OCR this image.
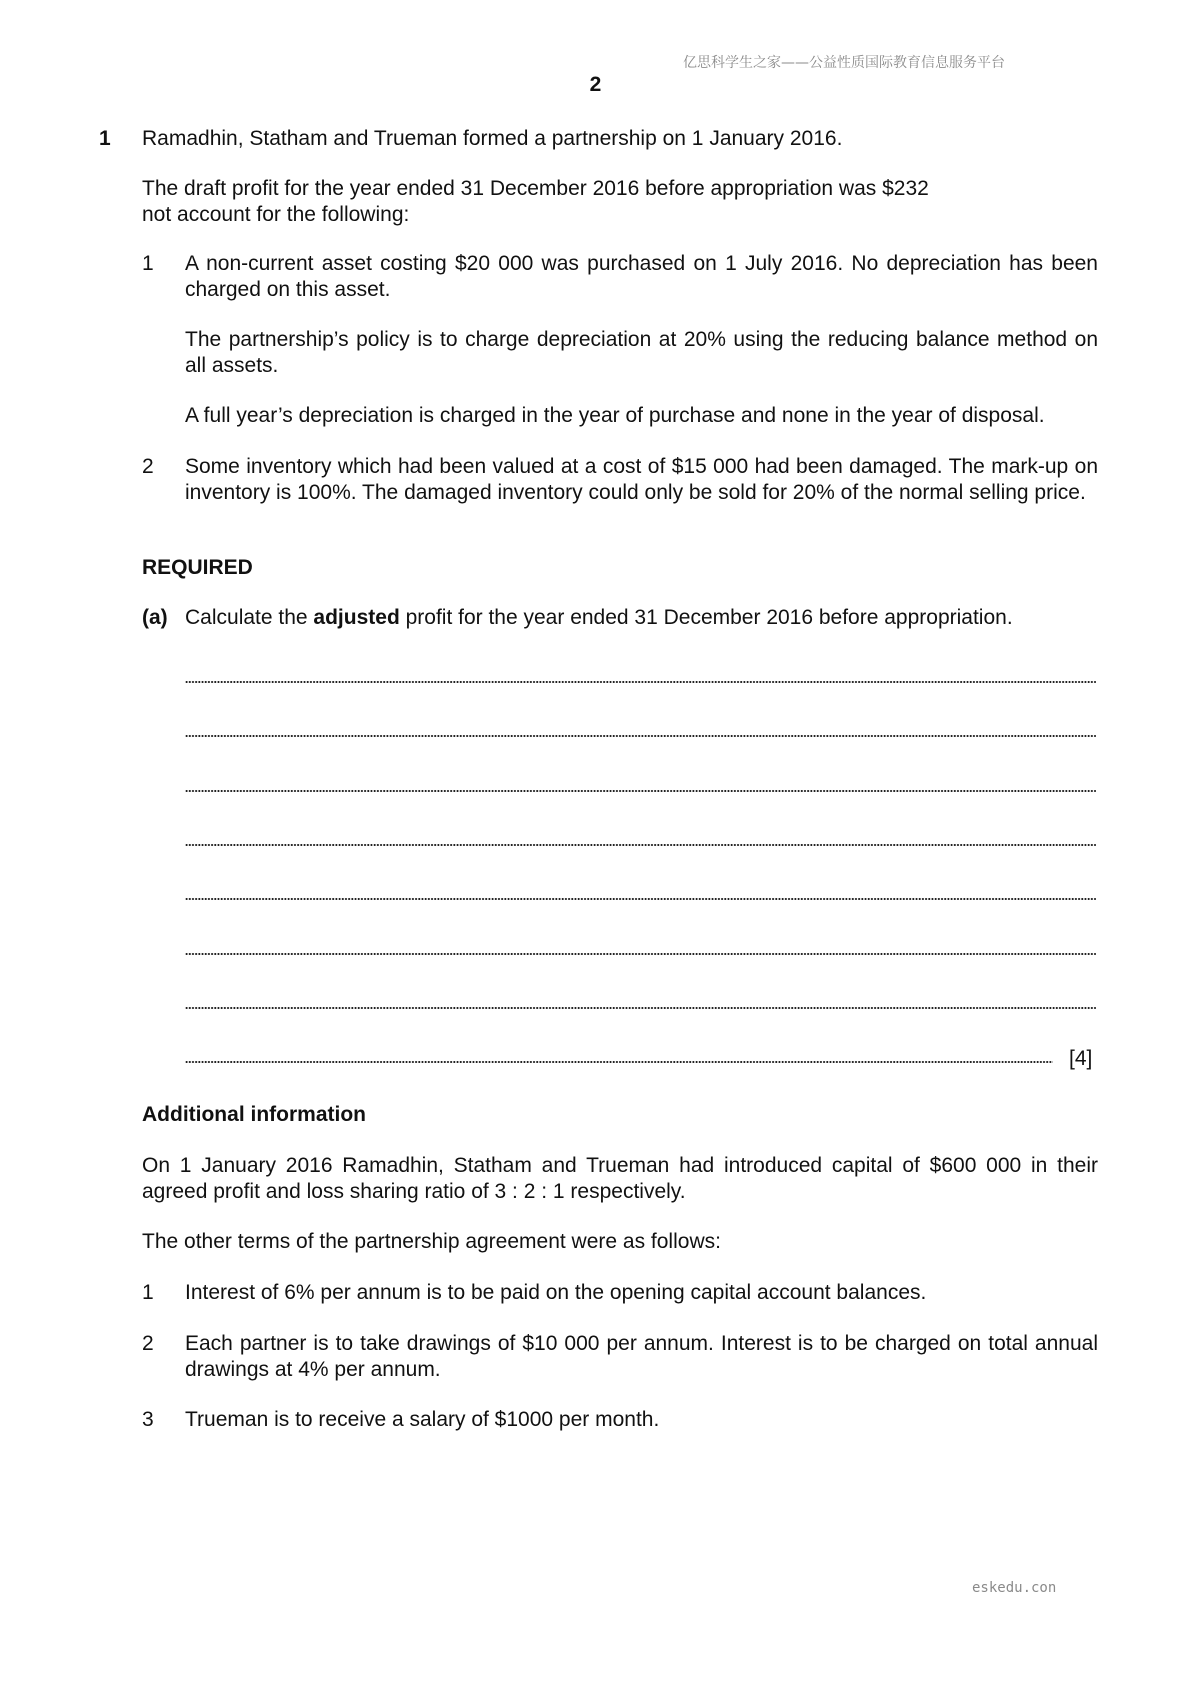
亿思科学生之家——公益性质国际教育信息服务平台
2
1 Ramadhin, Statham and Trueman formed a partnership on 1 January 2016.
The draft profit for the year ended 31 December 2016 before appropriation was $232
not account for the following:
1 A non-current asset costing $20 000 was purchased on 1 July 2016. No depreciation has been charged on this asset.
The partnership’s policy is to charge depreciation at 20% using the reducing balance method on all assets.
A full year’s depreciation is charged in the year of purchase and none in the year of disposal.
2 Some inventory which had been valued at a cost of $15 000 had been damaged. The mark-up on inventory is 100%. The damaged inventory could only be sold for 20% of the normal selling price.
REQUIRED
(a) Calculate the adjusted profit for the year ended 31 December 2016 before appropriation.
[4]
Additional information
On 1 January 2016 Ramadhin, Statham and Trueman had introduced capital of $600 000 in their agreed profit and loss sharing ratio of 3 : 2 : 1 respectively.
The other terms of the partnership agreement were as follows:
1 Interest of 6% per annum is to be paid on the opening capital account balances.
2 Each partner is to take drawings of $10 000 per annum. Interest is to be charged on total annual drawings at 4% per annum.
3 Trueman is to receive a salary of $1000 per month.
eskedu.con
